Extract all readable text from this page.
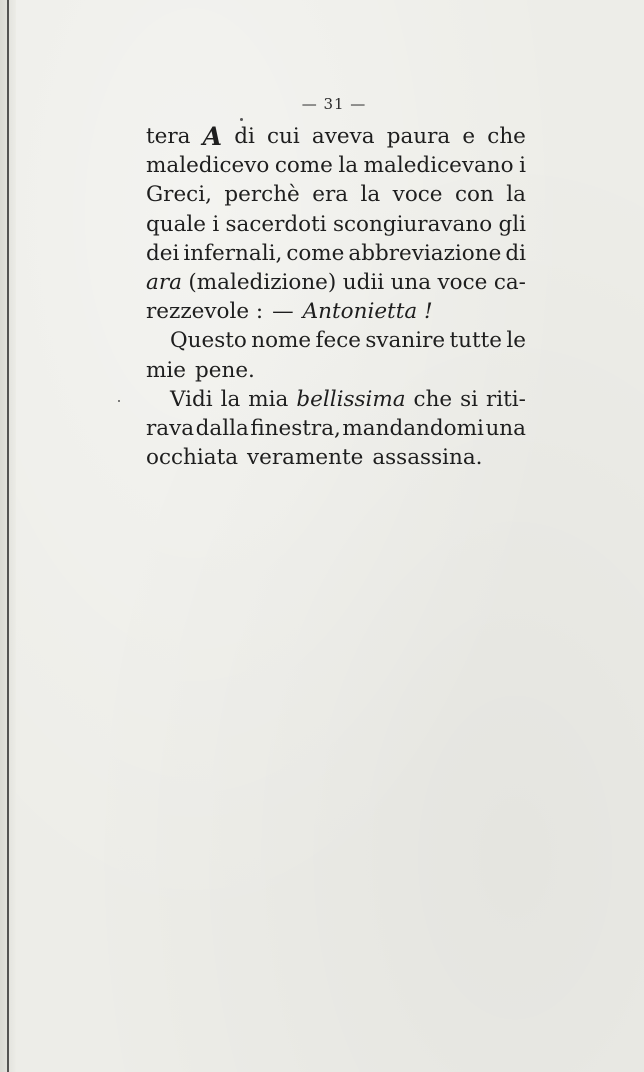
— 31 —
tera A di cui aveva paura e che
maledicevo come la maledicevano i
Greci, perchè era la voce con la
quale i sacerdoti scongiuravano gli
dei infernali, come abbreviazione di
ara (maledizione) udii una voce ca-
rezzevole : — Antonietta !
Questo nome fece svanire tutte le
mie pene.
Vidi la mia bellissima che si riti-
rava dalla finestra, mandandomi una
occhiata veramente assassina.
